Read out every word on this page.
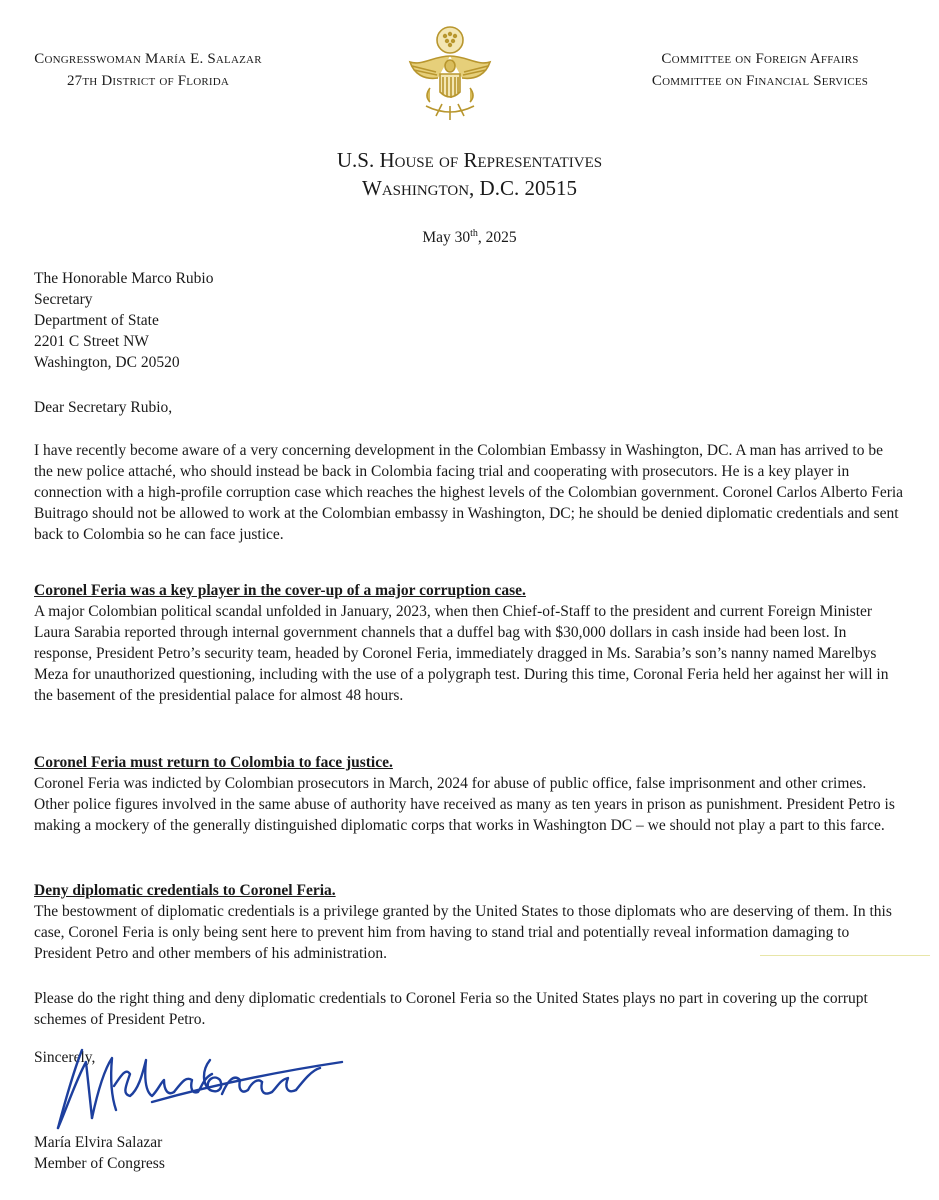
Congresswoman María E. Salazar
27th District of Florida
Committee on Foreign Affairs
Committee on Financial Services
U.S. House of Representatives
Washington, D.C. 20515
May 30th, 2025
The Honorable Marco Rubio
Secretary
Department of State
2201 C Street NW
Washington, DC 20520
Dear Secretary Rubio,
I have recently become aware of a very concerning development in the Colombian Embassy in Washington, DC. A man has arrived to be the new police attaché, who should instead be back in Colombia facing trial and cooperating with prosecutors. He is a key player in connection with a high-profile corruption case which reaches the highest levels of the Colombian government. Coronel Carlos Alberto Feria Buitrago should not be allowed to work at the Colombian embassy in Washington, DC; he should be denied diplomatic credentials and sent back to Colombia so he can face justice.
Coronel Feria was a key player in the cover-up of a major corruption case.
A major Colombian political scandal unfolded in January, 2023, when then Chief-of-Staff to the president and current Foreign Minister Laura Sarabia reported through internal government channels that a duffel bag with $30,000 dollars in cash inside had been lost. In response, President Petro’s security team, headed by Coronel Feria, immediately dragged in Ms. Sarabia’s son’s nanny named Marelbys Meza for unauthorized questioning, including with the use of a polygraph test. During this time, Coronal Feria held her against her will in the basement of the presidential palace for almost 48 hours.
Coronel Feria must return to Colombia to face justice.
Coronel Feria was indicted by Colombian prosecutors in March, 2024 for abuse of public office, false imprisonment and other crimes. Other police figures involved in the same abuse of authority have received as many as ten years in prison as punishment. President Petro is making a mockery of the generally distinguished diplomatic corps that works in Washington DC – we should not play a part to this farce.
Deny diplomatic credentials to Coronel Feria.
The bestowment of diplomatic credentials is a privilege granted by the United States to those diplomats who are deserving of them. In this case, Coronel Feria is only being sent here to prevent him from having to stand trial and potentially reveal information damaging to President Petro and other members of his administration.
Please do the right thing and deny diplomatic credentials to Coronel Feria so the United States plays no part in covering up the corrupt schemes of President Petro.
Sincerely,
María Elvira Salazar
Member of Congress
